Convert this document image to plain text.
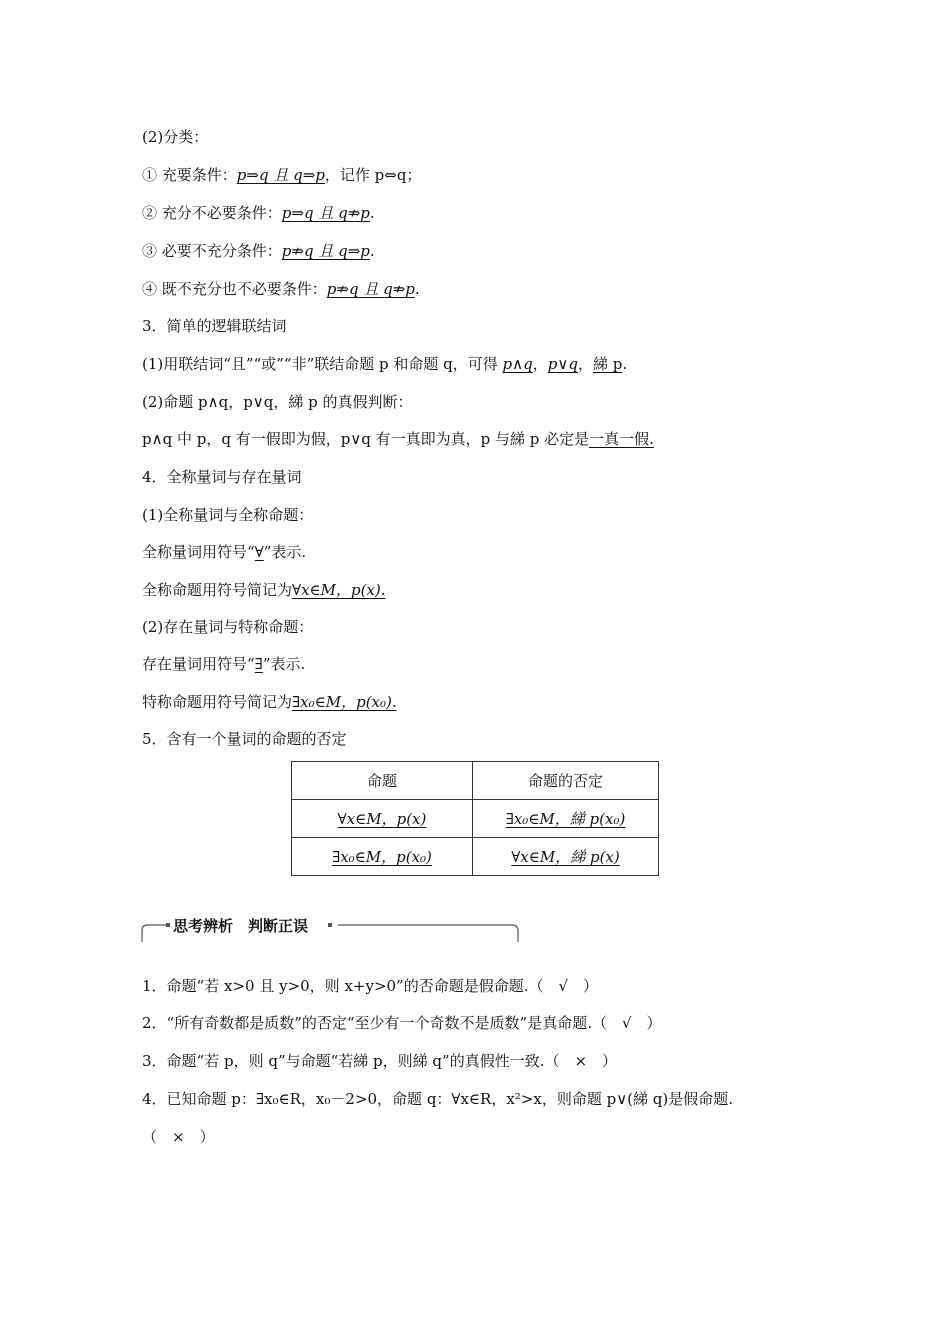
(2)分类：
① 充要条件：p⇒q 且 q⇒p，记作 p⇔q；
② 充分不必要条件：p⇒q 且 q⇏p.
③ 必要不充分条件：p⇏q 且 q⇒p.
④ 既不充分也不必要条件：p⇏q 且 q⇏p.
3．简单的逻辑联结词
(1)用联结词“且”“或”“非”联结命题 p 和命题 q，可得 p∧q，p∨q，綈 p.
(2)命题 p∧q，p∨q，綈 p 的真假判断：
p∧q 中 p，q 有一假即为假，p∨q 有一真即为真，p 与綈 p 必定是一真一假.
4．全称量词与存在量词
(1)全称量词与全称命题：
全称量词用符号“∀”表示.
全称命题用符号简记为∀x∈M，p(x).
(2)存在量词与特称命题：
存在量词用符号“∃”表示.
特称命题用符号简记为∃x₀∈M，p(x₀).
5．含有一个量词的命题的否定
命题	命题的否定
∀x∈M，p(x)	∃x₀∈M，綈 p(x₀)
∃x₀∈M，p(x₀)	∀x∈M，綈 p(x)
思考辨析　判断正误
1．命题“若 x>0 且 y>0，则 x+y>0”的否命题是假命题.（　√　）
2．“所有奇数都是质数”的否定“至少有一个奇数不是质数”是真命题.（　√　）
3．命题“若 p，则 q”与命题“若綈 p，则綈 q”的真假性一致.（　×　）
4．已知命题 p：∃x₀∈R，x₀－2>0，命题 q：∀x∈R，x²>x，则命题 p∨(綈 q)是假命题.
（　×　）
